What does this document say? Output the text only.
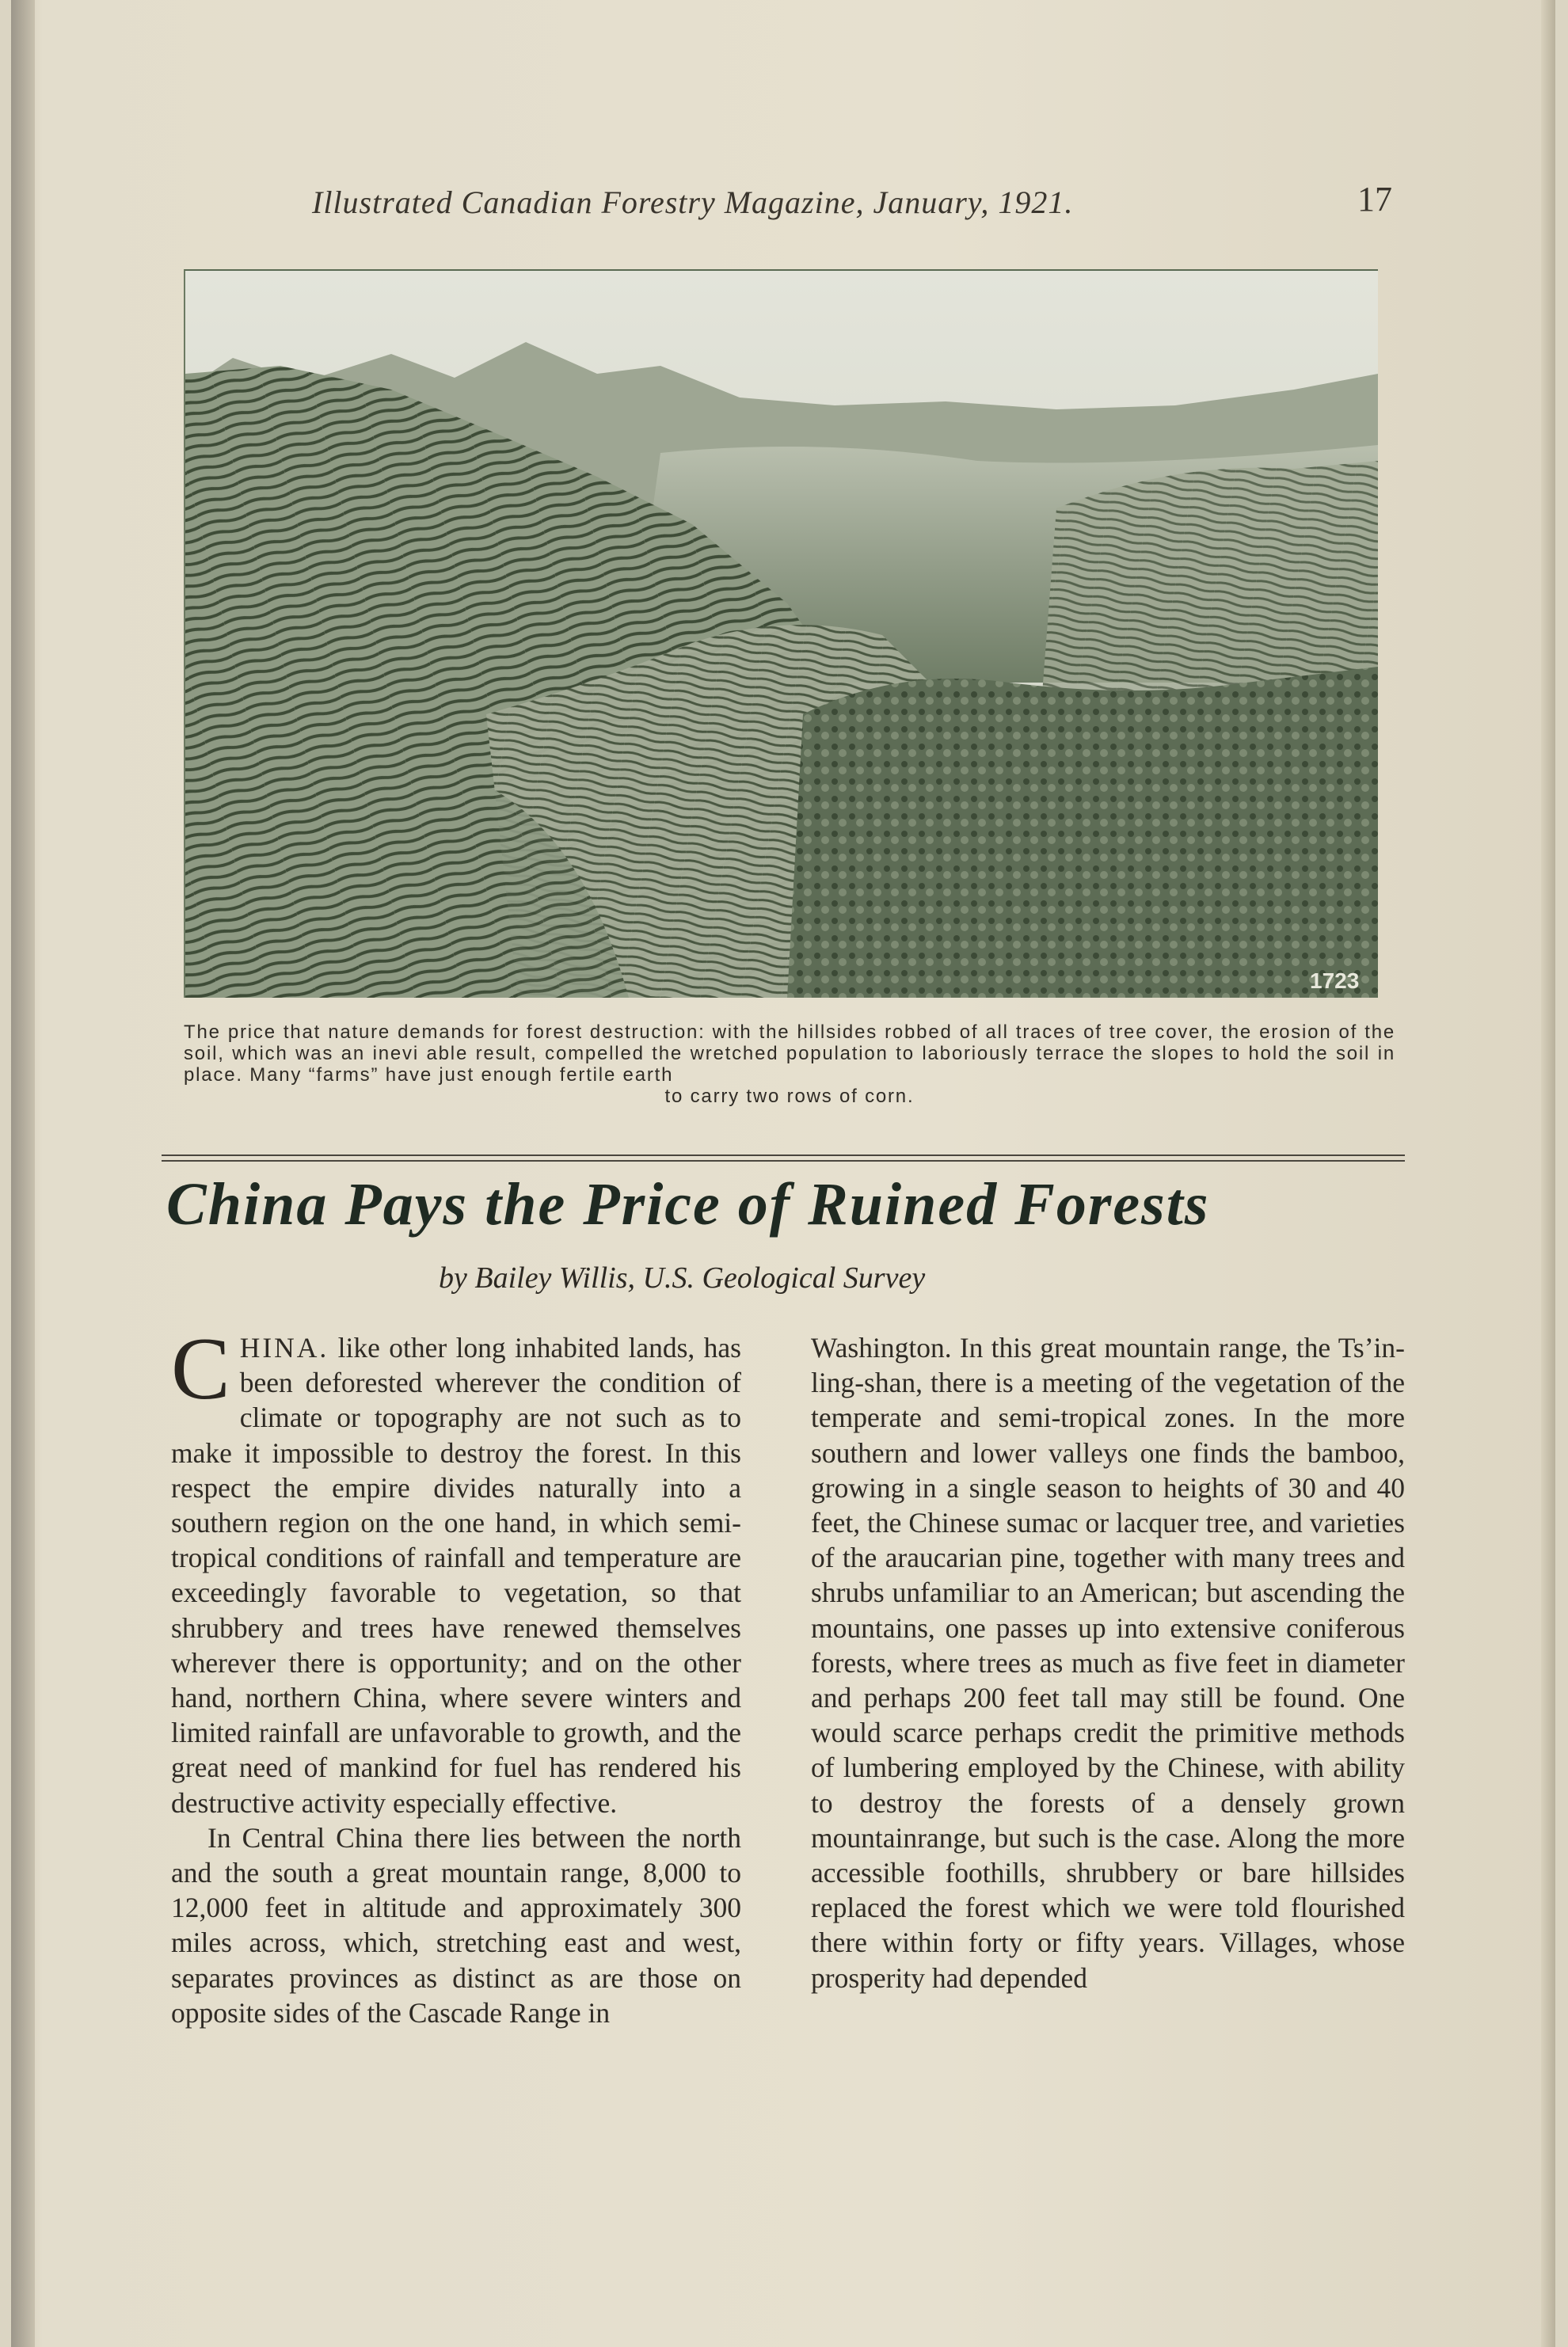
Illustrated Canadian Forestry Magazine, January, 1921.	17
1723
The price that nature demands for forest destruction: with the hillsides robbed of all traces of tree cover, the erosion of the soil, which was an inevi able result, compelled the wretched population to laboriously terrace the slopes to hold the soil in place. Many “farms” have just enough fertile earth
to carry two rows of corn.
China Pays the Price of Ruined Forests
by Bailey Willis, U.S. Geological Survey

CHINA. like other long inhabited lands, has been deforested wherever the condition of climate or topography are not such as to make it impossible to destroy the forest. In this respect the empire divides naturally into a southern region on the one hand, in which semi-tropical conditions of rainfall and temperature are exceedingly favorable to vegetation, so that shrubbery and trees have renewed themselves wherever there is opportunity; and on the other hand, northern China, where severe winters and limited rainfall are unfavorable to growth, and the great need of mankind for fuel has rendered his destructive activity especially effective.

In Central China there lies between the north and the south a great mountain range, 8,000 to 12,000 feet in altitude and approximately 300 miles across, which, stretching east and west, separates provinces as distinct as are those on opposite sides of the Cascade Range in

Washington. In this great mountain range, the Ts’in-ling-shan, there is a meeting of the vegetation of the temperate and semi-tropical zones. In the more southern and lower valleys one finds the bamboo, growing in a single season to heights of 30 and 40 feet, the Chinese sumac or lacquer tree, and varieties of the araucarian pine, together with many trees and shrubs unfamiliar to an American; but ascending the mountains, one passes up into extensive coniferous forests, where trees as much as five feet in diameter and perhaps 200 feet tall may still be found. One would scarce perhaps credit the primitive methods of lumbering employed by the Chinese, with ability to destroy the forests of a densely grown mountainrange, but such is the case. Along the more accessible foothills, shrubbery or bare hillsides replaced the forest which we were told flourished there within forty or fifty years. Villages, whose prosperity had depended
